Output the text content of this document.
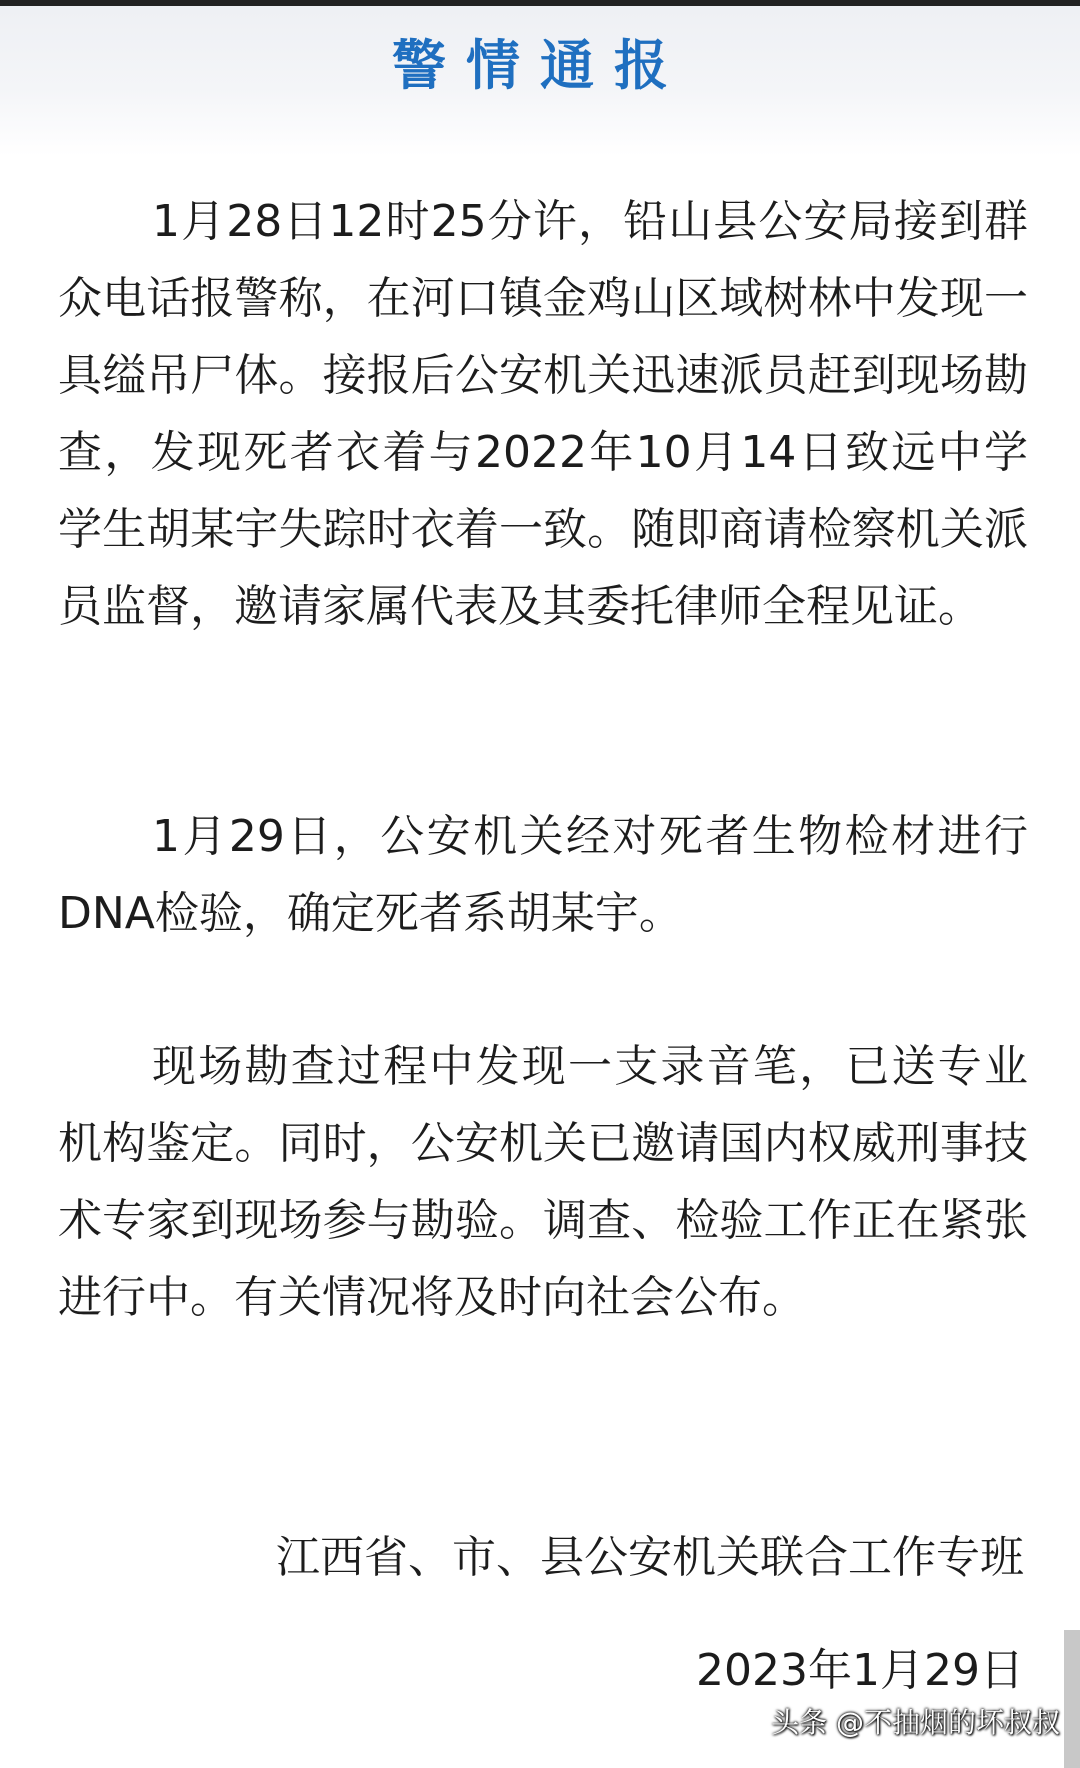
警情通报

1月28日12时25分许，铅山县公安局接到群众电话报警称，在河口镇金鸡山区域树林中发现一具缢吊尸体。接报后公安机关迅速派员赶到现场勘查，发现死者衣着与2022年10月14日致远中学学生胡某宇失踪时衣着一致。随即商请检察机关派员监督，邀请家属代表及其委托律师全程见证。

1月29日，公安机关经对死者生物检材进行DNA检验，确定死者系胡某宇。

现场勘查过程中发现一支录音笔，已送专业机构鉴定。同时，公安机关已邀请国内权威刑事技术专家到现场参与勘验。调查、检验工作正在紧张进行中。有关情况将及时向社会公布。

江西省、市、县公安机关联合工作专班
2023年1月29日
头条 @不抽烟的坏叔叔
